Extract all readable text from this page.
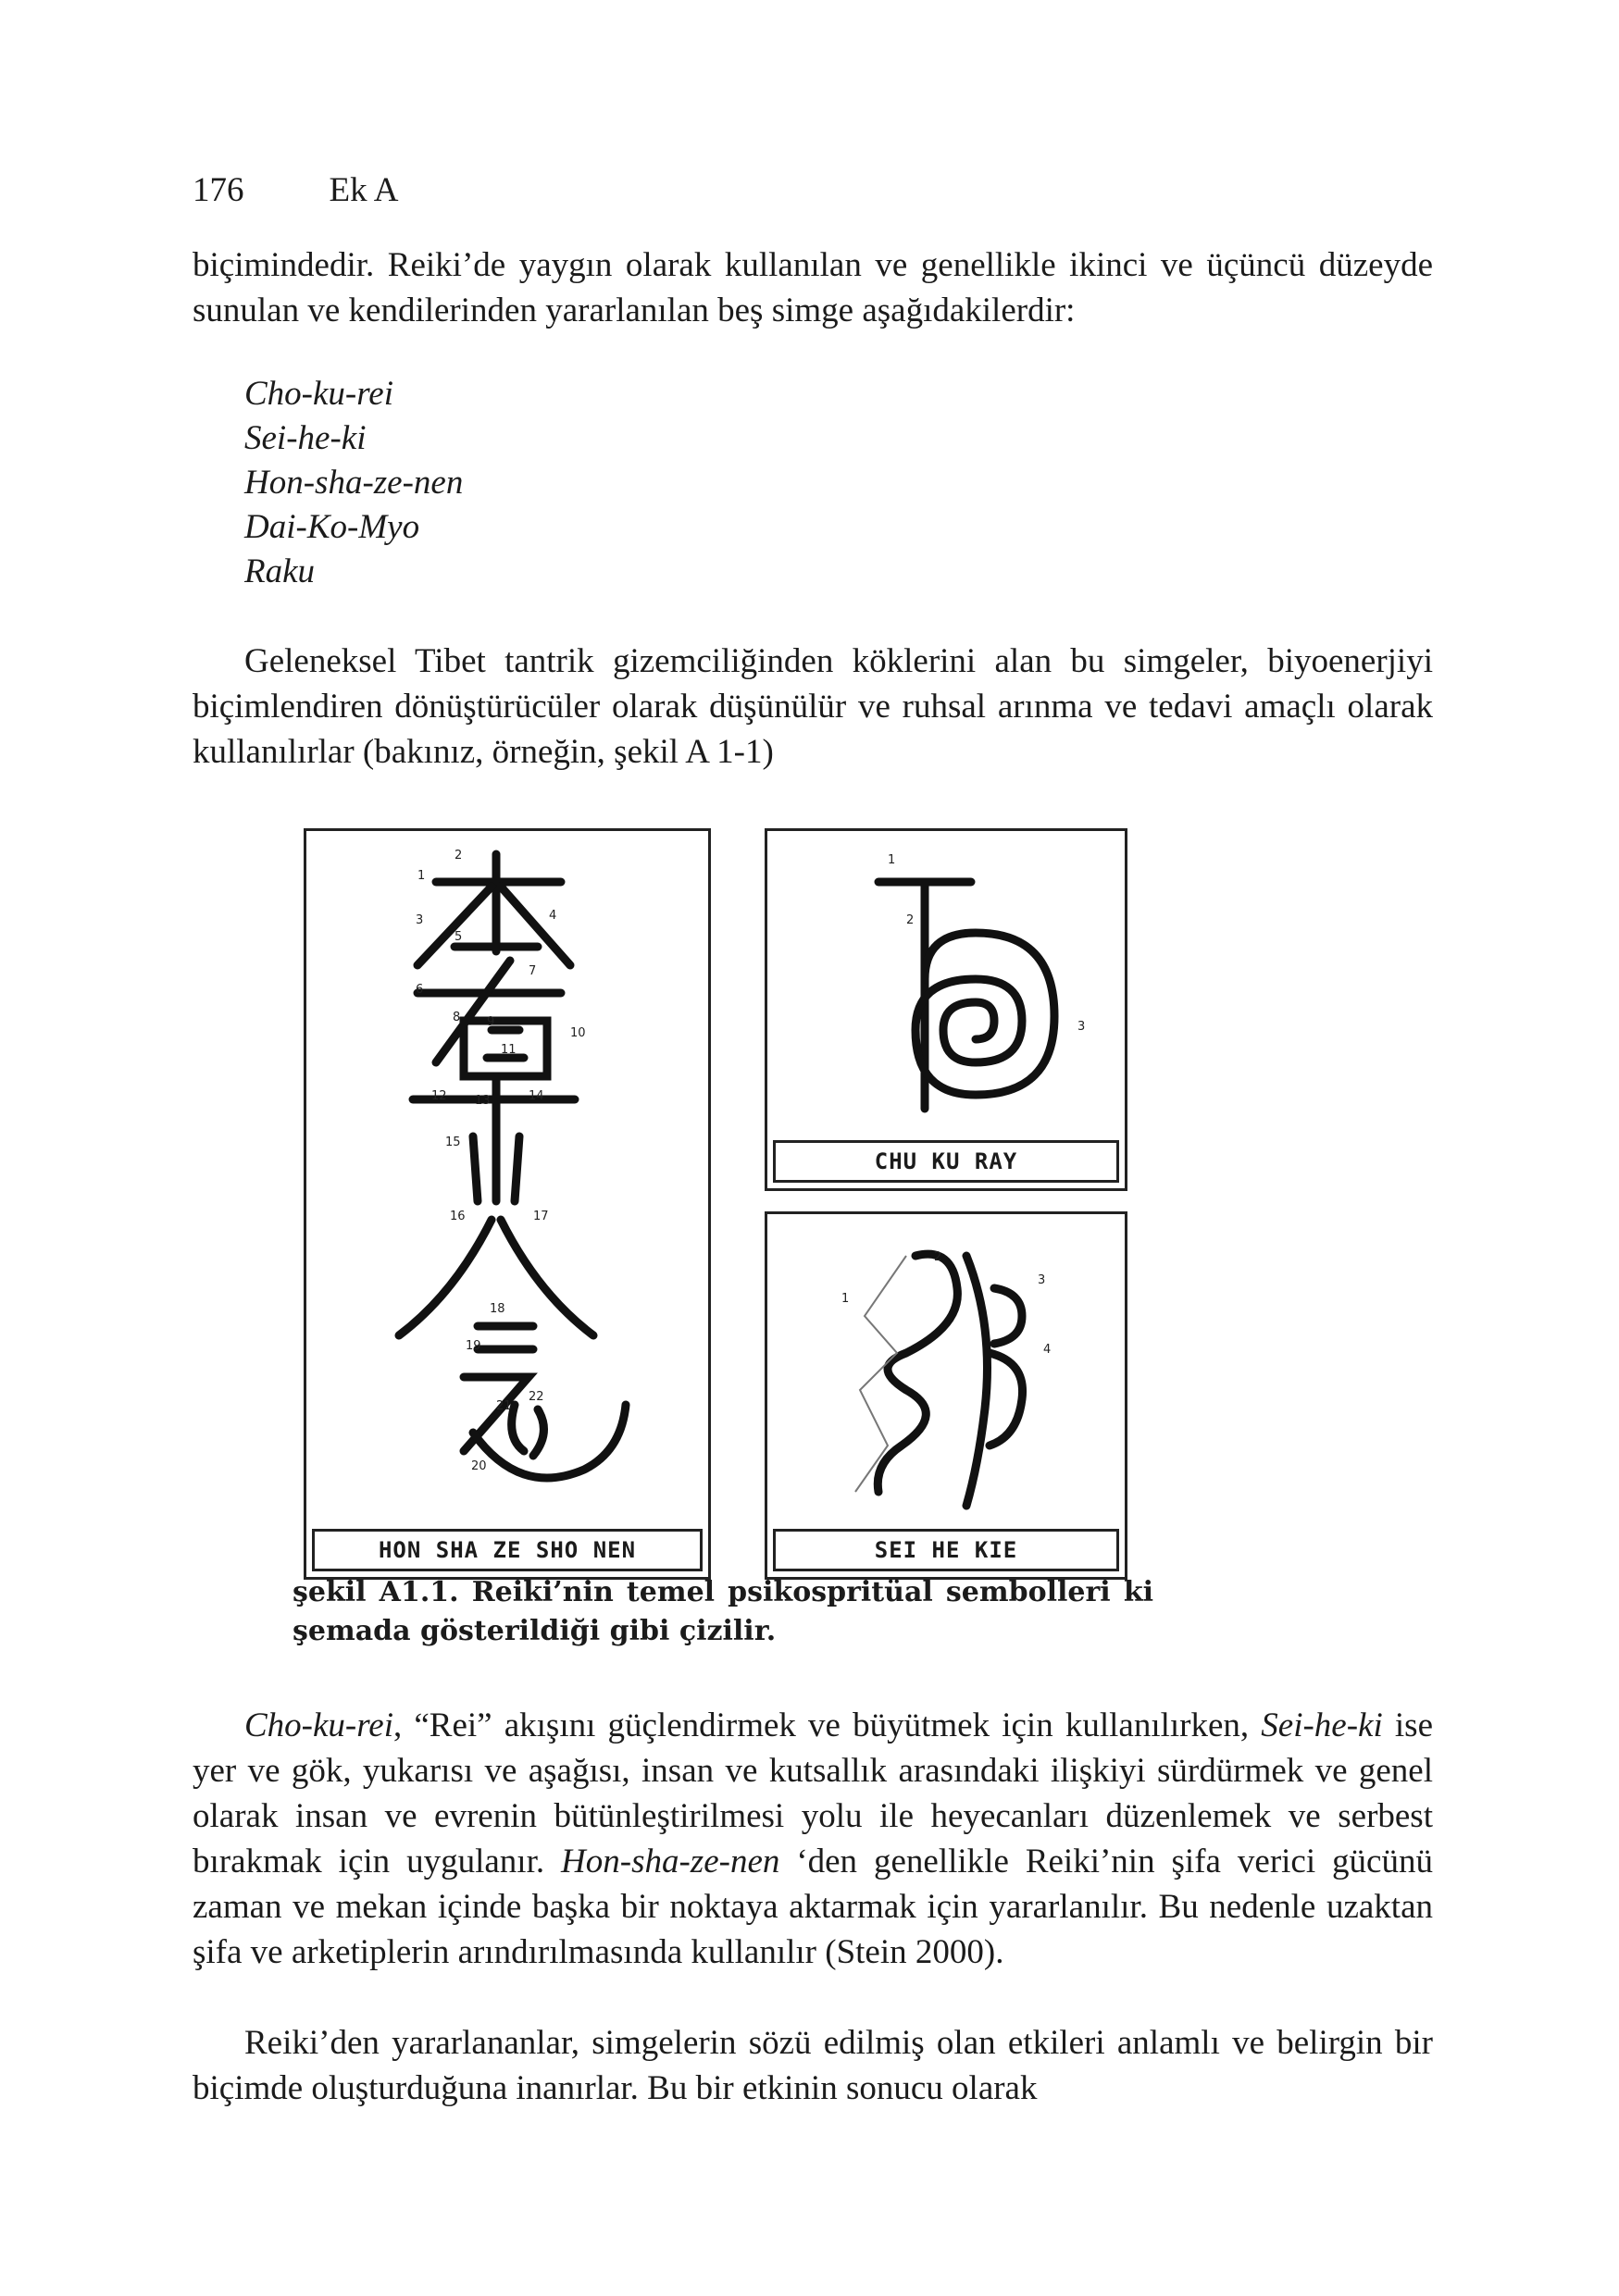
176 Ek A
biçimindedir. Reiki’de yaygın olarak kullanılan ve genellikle ikinci ve üçüncü düzeyde sunulan ve kendilerinden yararlanılan beş simge aşağıdakilerdir:
Cho-ku-rei
Sei-he-ki
Hon-sha-ze-nen
Dai-Ko-Myo
Raku
Geleneksel Tibet tantrik gizemciliğinden köklerini alan bu simgeler, biyoenerjiyi biçimlendiren dönüştürücüler olarak düşünülür ve ruhsal arınma ve tedavi amaçlı olarak kullanılırlar (bakınız, örneğin, şekil A 1-1)
1
2
3	4
5
6
7
8 9
10
11
12 13	14
15
16	17
18
19
20
21
22
HON SHA ZE SHO NEN
1
2
3
CHU KU RAY
1
2
3
4
SEI HE KIE
şekil A1.1. Reiki’nin temel psikospritüal sembolleri ki şemada gösterildiği gibi çizilir.
Cho-ku-rei, “Rei” akışını güçlendirmek ve büyütmek için kullanılırken, Sei-he-ki ise yer ve gök, yukarısı ve aşağısı, insan ve kutsallık arasındaki ilişkiyi sürdürmek ve genel olarak insan ve evrenin bütünleştirilmesi yolu ile heyecanları düzenlemek ve serbest bırakmak için uygulanır. Hon-sha-ze-nen ‘den genellikle Reiki’nin şifa verici gücünü zaman ve mekan içinde başka bir noktaya aktarmak için yararlanılır. Bu nedenle uzaktan şifa ve arketiplerin arındırılmasında kullanılır (Stein 2000).
Reiki’den yararlananlar, simgelerin sözü edilmiş olan etkileri anlamlı ve belirgin bir biçimde oluşturduğuna inanırlar. Bu bir etkinin sonucu olarak
